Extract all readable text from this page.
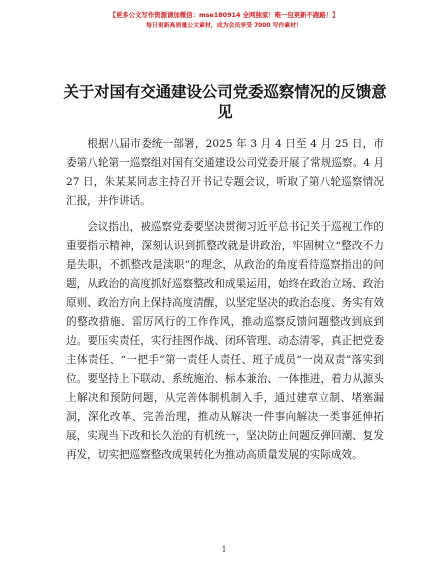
【更多公文写作资源请加微信：mse180914 全网独家！唯一包更新不跑路！】
每日更新高质量公文素材，成为会员享受 7000 写作素材！
关于对国有交通建设公司党委巡察情况的反馈意见

根据八届市委统一部署，2025 年 3 月 4 日至 4 月 25 日，市委第八轮第一巡察组对国有交通建设公司党委开展了常规巡察。4 月 27 日，朱某某同志主持召开书记专题会议，听取了第八轮巡察情况汇报，并作讲话。

会议指出，被巡察党委要坚决贯彻习近平总书记关于巡视工作的重要指示精神，深刻认识到抓整改就是讲政治，牢固树立“整改不力是失职，不抓整改是渎职”的理念，从政治的角度看待巡察指出的问题，从政治的高度抓好巡察整改和成果运用，始终在政治立场、政治原则、政治方向上保持高度清醒，以坚定坚决的政治态度、务实有效的整改措施、雷厉风行的工作作风，推动巡察反馈问题整改到底到边。要压实责任，实行挂图作战、闭环管理、动态清零，真正把党委主体责任、“一把手”第一责任人责任、班子成员“一岗双责”落实到位。要坚持上下联动、系统施治、标本兼治、一体推进，着力从源头上解决和预防问题，从完善体制机制入手，通过建章立制、堵塞漏洞，深化改革、完善治理，推动从解决一件事向解决一类事延伸拓展，实现当下改和长久治的有机统一，坚决防止问题反弹回潮、复发再发，切实把巡察整改成果转化为推动高质量发展的实际成效。

1
